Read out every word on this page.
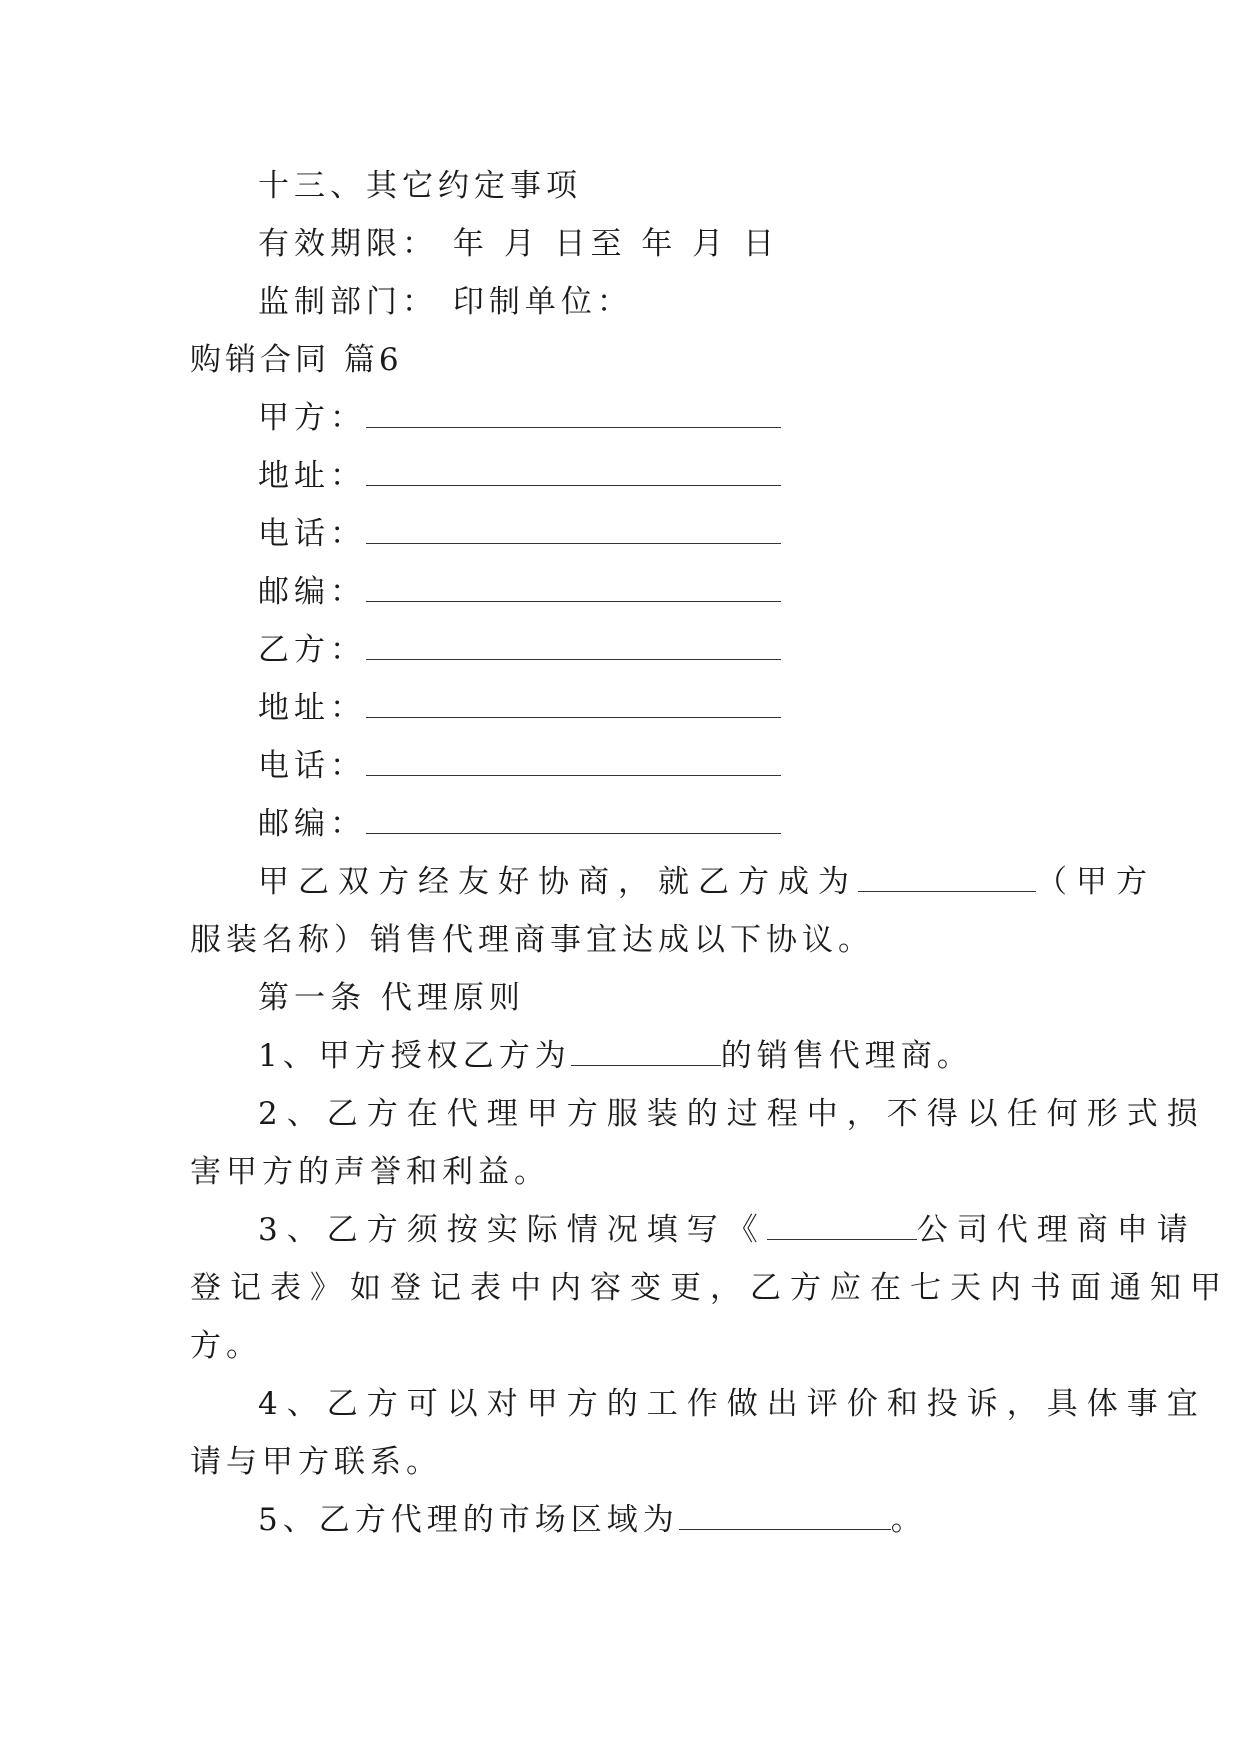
十三、其它约定事项
有效期限： 年 月 日至 年 月 日
监制部门： 印制单位：
购销合同 篇6
甲方：
地址：
电话：
邮编：
乙方：
地址：
电话：
邮编：
甲乙双方经友好协商，就乙方成为	（甲方
服装名称）销售代理商事宜达成以下协议。
第一条 代理原则
1、甲方授权乙方为	的销售代理商。
2、乙方在代理甲方服装的过程中，不得以任何形式损
害甲方的声誉和利益。
3、乙方须按实际情况填写《	公司代理商申请
登记表》如登记表中内容变更，乙方应在七天内书面通知甲
方。
4、乙方可以对甲方的工作做出评价和投诉，具体事宜
请与甲方联系。
5、乙方代理的市场区域为	。
